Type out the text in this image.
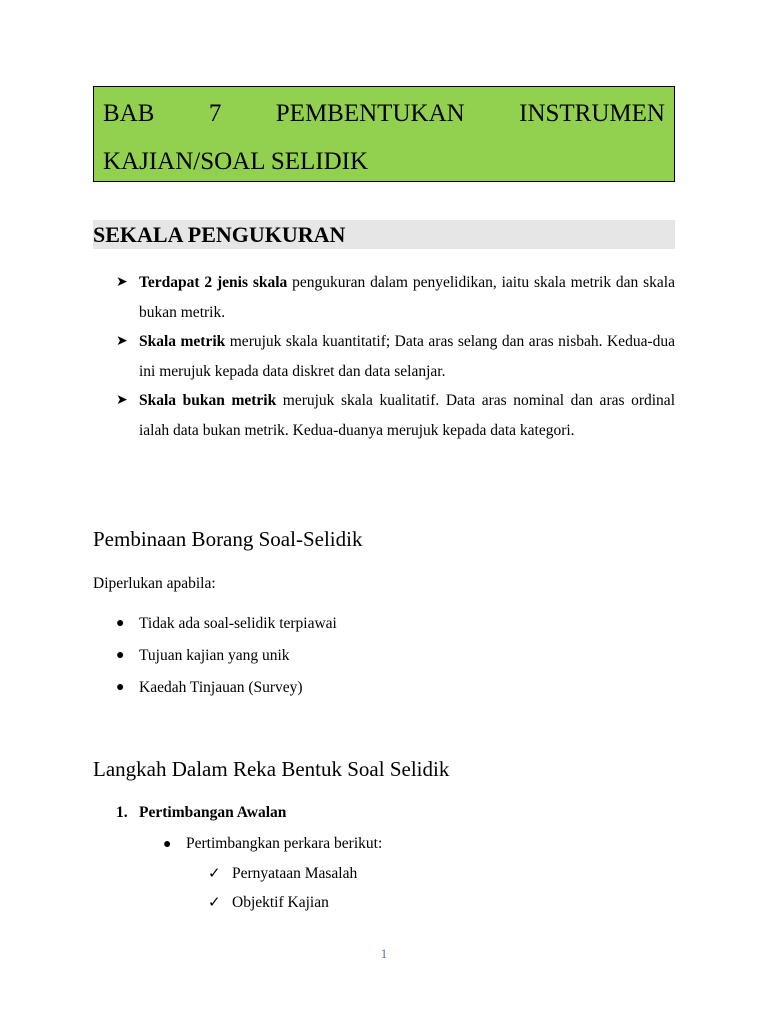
BAB 7 PEMBENTUKAN INSTRUMEN

KAJIAN/SOAL SELIDIK

SEKALA PENGUKURAN
➤ Terdapat 2 jenis skala pengukuran dalam penyelidikan, iaitu skala metrik dan skala bukan metrik.
➤ Skala metrik merujuk skala kuantitatif; Data aras selang dan aras nisbah. Kedua-dua ini merujuk kepada data diskret dan data selanjar.
➤ Skala bukan metrik merujuk skala kualitatif. Data aras nominal dan aras ordinal ialah data bukan metrik. Kedua-duanya merujuk kepada data kategori.
Pembinaan Borang Soal-Selidik
Diperlukan apabila:
● Tidak ada soal-selidik terpiawai
● Tujuan kajian yang unik
● Kaedah Tinjauan (Survey)
Langkah Dalam Reka Bentuk Soal Selidik
1. Pertimbangan Awalan
● Pertimbangkan perkara berikut:
✓ Pernyataan Masalah
✓ Objektif Kajian
1
